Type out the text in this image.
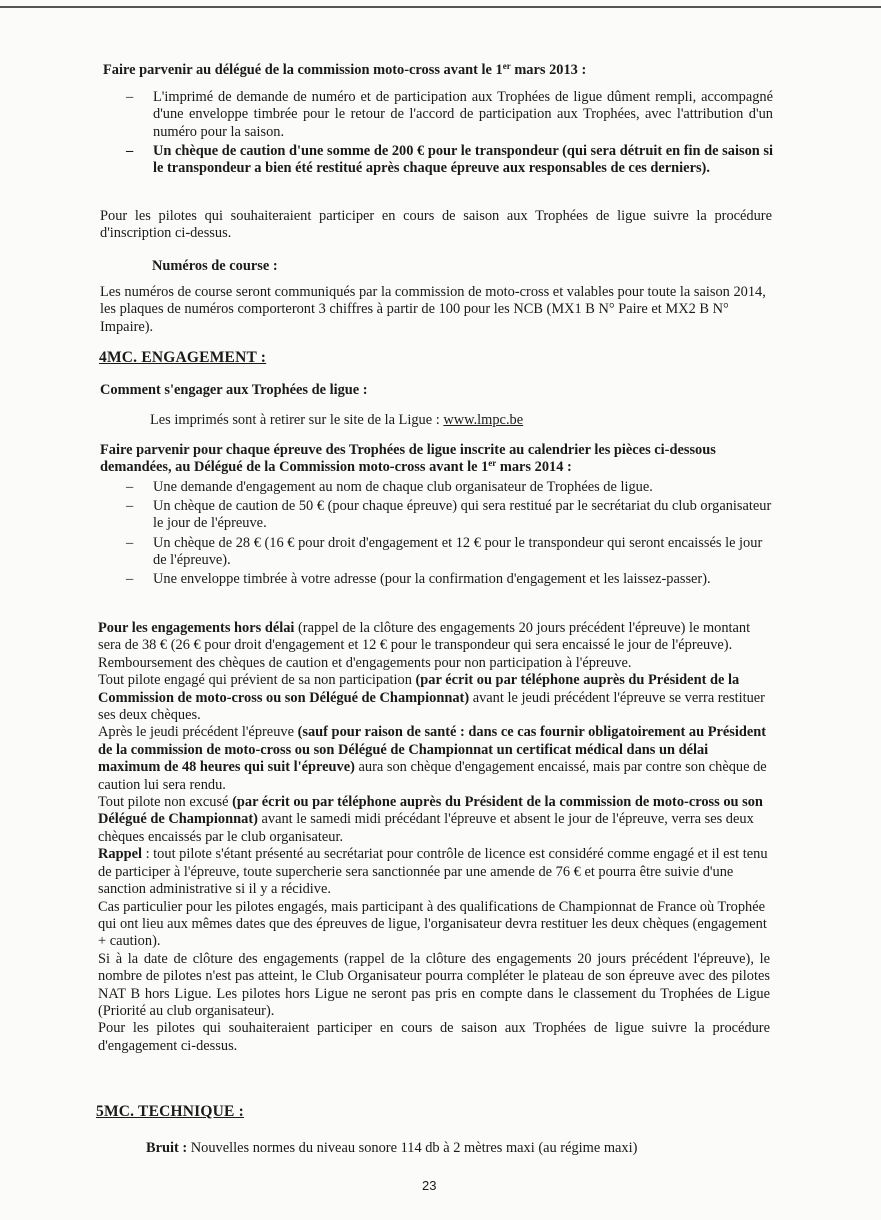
Faire parvenir au délégué de la commission moto-cross avant le 1er mars 2013 :
– L'imprimé de demande de numéro et de participation aux Trophées de ligue dûment rempli, accompagné d'une enveloppe timbrée pour le retour de l'accord de participation aux Trophées, avec l'attribution d'un numéro pour la saison.
– Un chèque de caution d'une somme de 200 € pour le transpondeur (qui sera détruit en fin de saison si le transpondeur a bien été restitué après chaque épreuve aux responsables de ces derniers).
Pour les pilotes qui souhaiteraient participer en cours de saison aux Trophées de ligue suivre la procédure d'inscription ci-dessus.
Numéros de course :
Les numéros de course seront communiqués par la commission de moto-cross et valables pour toute la saison 2014, les plaques de numéros comporteront 3 chiffres à partir de 100 pour les NCB (MX1 B N° Paire et MX2 B N° Impaire).
4MC. ENGAGEMENT :
Comment s'engager aux Trophées de ligue :
Les imprimés sont à retirer sur le site de la Ligue : www.lmpc.be
Faire parvenir pour chaque épreuve des Trophées de ligue inscrite au calendrier les pièces ci-dessous demandées, au Délégué de la Commission moto-cross avant le 1er mars 2014 :
– Une demande d'engagement au nom de chaque club organisateur de Trophées de ligue.
– Un chèque de caution de 50 € (pour chaque épreuve) qui sera restitué par le secrétariat du club organisateur le jour de l'épreuve.
– Un chèque de 28 € (16 € pour droit d'engagement et 12 € pour le transpondeur qui seront encaissés le jour de l'épreuve).
– Une enveloppe timbrée à votre adresse (pour la confirmation d'engagement et les laissez-passer).
Pour les engagements hors délai (rappel de la clôture des engagements 20 jours précédent l'épreuve) le montant sera de 38 € (26 € pour droit d'engagement et 12 € pour le transpondeur qui sera encaissé le jour de l'épreuve).
Remboursement des chèques de caution et d'engagements pour non participation à l'épreuve.
Tout pilote engagé qui prévient de sa non participation (par écrit ou par téléphone auprès du Président de la Commission de moto-cross ou son Délégué de Championnat) avant le jeudi précédent l'épreuve se verra restituer ses deux chèques.
Après le jeudi précédent l'épreuve (sauf pour raison de santé : dans ce cas fournir obligatoirement au Président de la commission de moto-cross ou son Délégué de Championnat un certificat médical dans un délai maximum de 48 heures qui suit l'épreuve) aura son chèque d'engagement encaissé, mais par contre son chèque de caution lui sera rendu.
Tout pilote non excusé (par écrit ou par téléphone auprès du Président de la commission de moto-cross ou son Délégué de Championnat) avant le samedi midi précédant l'épreuve et absent le jour de l'épreuve, verra ses deux chèques encaissés par le club organisateur.
Rappel : tout pilote s'étant présenté au secrétariat pour contrôle de licence est considéré comme engagé et il est tenu de participer à l'épreuve, toute supercherie sera sanctionnée par une amende de 76 € et pourra être suivie d'une sanction administrative si il y a récidive.
Cas particulier pour les pilotes engagés, mais participant à des qualifications de Championnat de France où Trophée qui ont lieu aux mêmes dates que des épreuves de ligue, l'organisateur devra restituer les deux chèques (engagement + caution).
Si à la date de clôture des engagements (rappel de la clôture des engagements 20 jours précédent l'épreuve), le nombre de pilotes n'est pas atteint, le Club Organisateur pourra compléter le plateau de son épreuve avec des pilotes NAT B hors Ligue. Les pilotes hors Ligue ne seront pas pris en compte dans le classement du Trophées de Ligue (Priorité au club organisateur).
Pour les pilotes qui souhaiteraient participer en cours de saison aux Trophées de ligue suivre la procédure d'engagement ci-dessus.
5MC. TECHNIQUE :
Bruit : Nouvelles normes du niveau sonore 114 db à 2 mètres maxi (au régime maxi)
23
